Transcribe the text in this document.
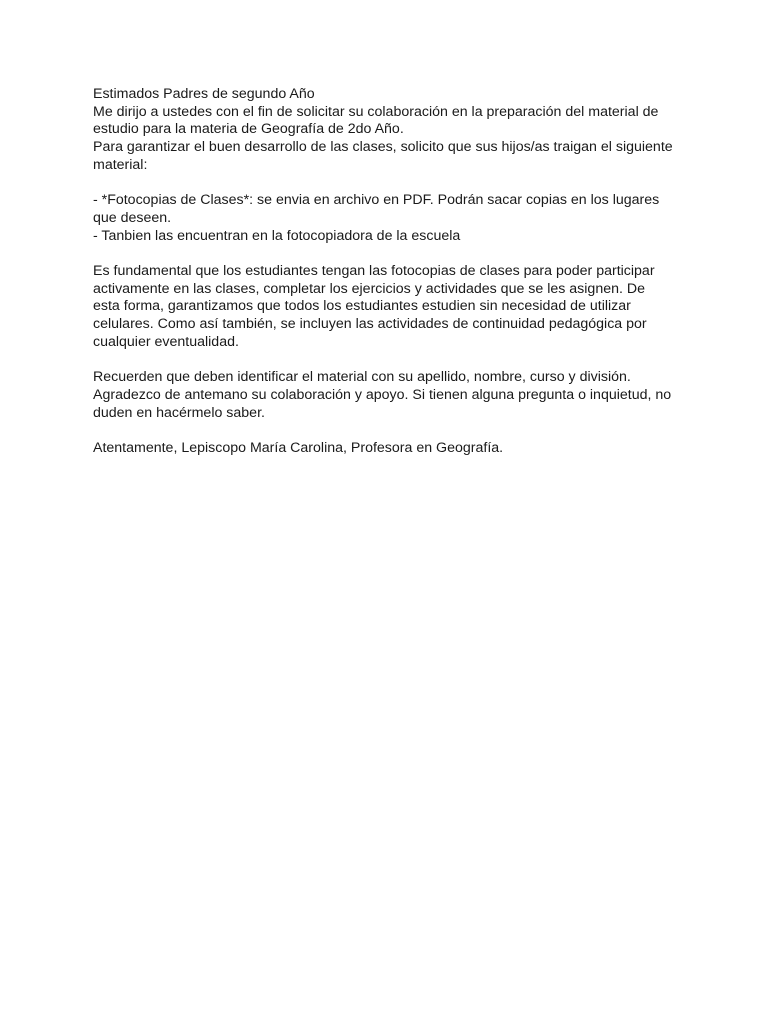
Estimados Padres de segundo Año
Me dirijo a ustedes con el fin de solicitar su colaboración en la preparación del material de
estudio para la materia de Geografía de 2do Año.
Para garantizar el buen desarrollo de las clases, solicito que sus hijos/as traigan el siguiente
material:
- *Fotocopias de Clases*: se envia en archivo en PDF. Podrán sacar copias en los lugares
que deseen.
- Tanbien las encuentran en la fotocopiadora de la escuela
Es fundamental que los estudiantes tengan las fotocopias de clases para poder participar
activamente en las clases, completar los ejercicios y actividades que se les asignen. De
esta forma, garantizamos que todos los estudiantes estudien sin necesidad de utilizar
celulares. Como así también, se incluyen las actividades de continuidad pedagógica por
cualquier eventualidad.
Recuerden que deben identificar el material con su apellido, nombre, curso y división.
Agradezco de antemano su colaboración y apoyo. Si tienen alguna pregunta o inquietud, no
duden en hacérmelo saber.
Atentamente, Lepiscopo María Carolina, Profesora en Geografía.
